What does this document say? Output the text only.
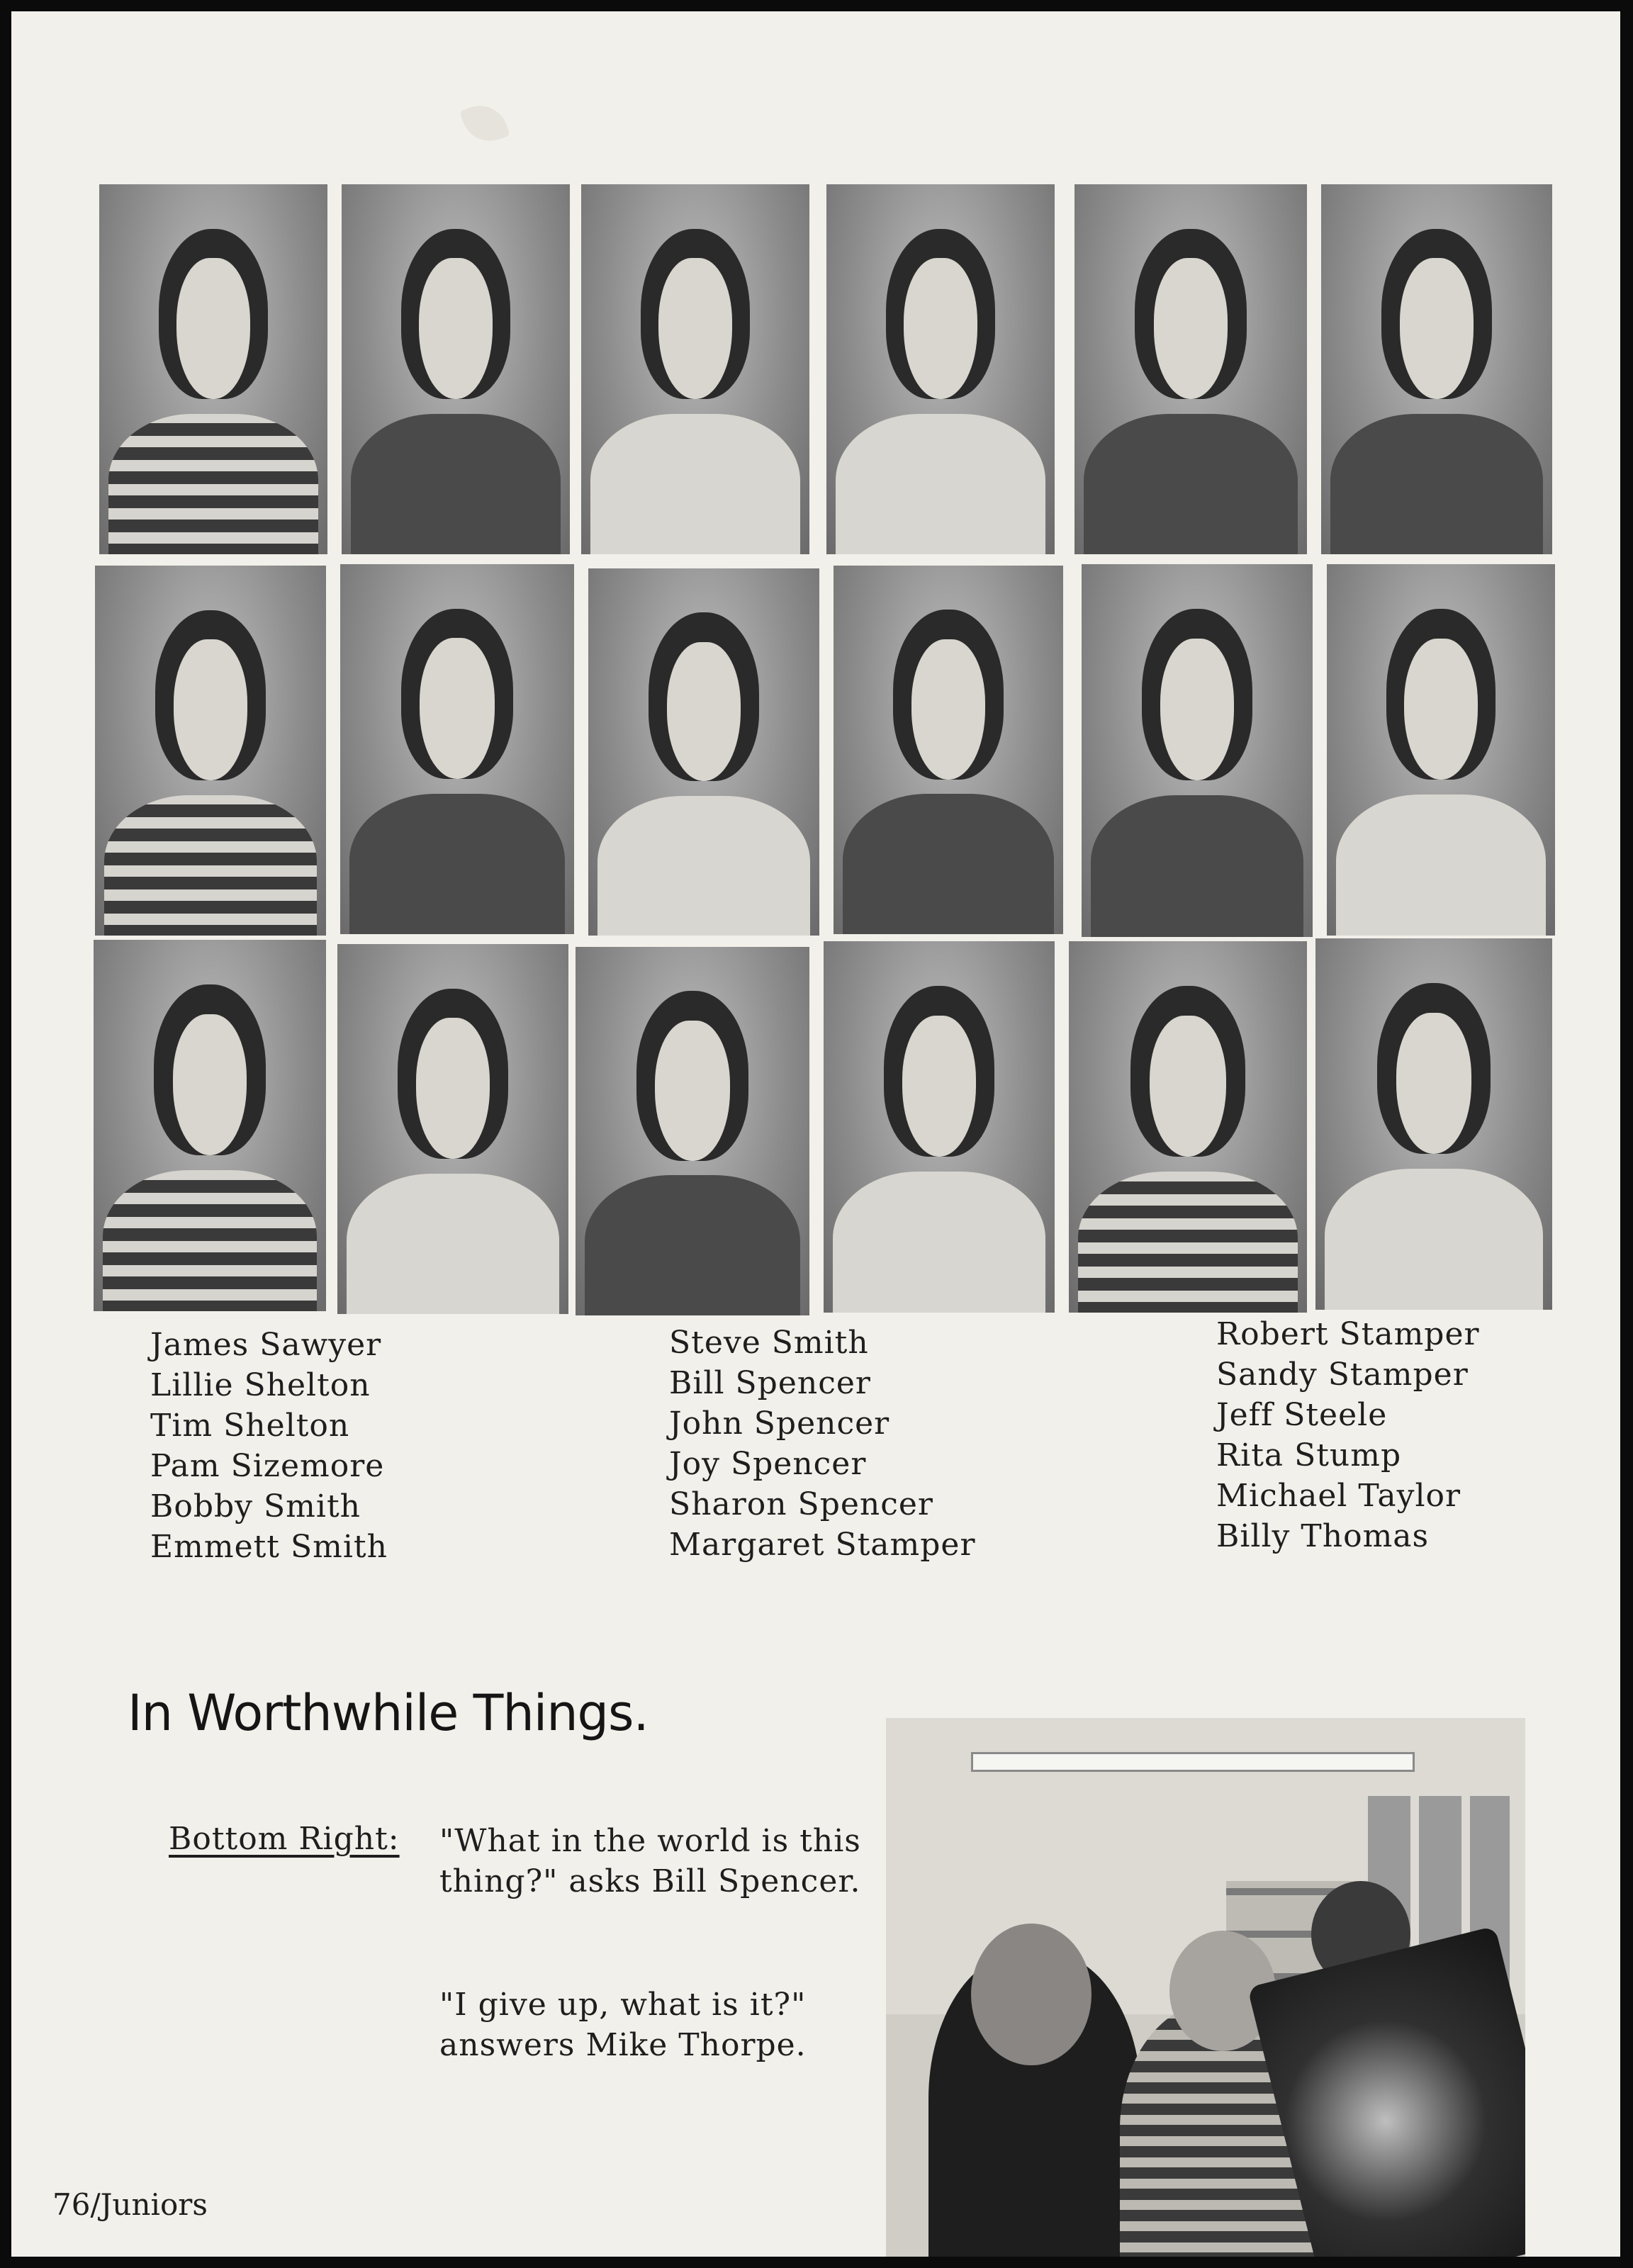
James Sawyer
Lillie Shelton
Tim Shelton
Pam Sizemore
Bobby Smith
Emmett Smith
Steve Smith
Bill Spencer
John Spencer
Joy Spencer
Sharon Spencer
Margaret Stamper
Robert Stamper
Sandy Stamper
Jeff Steele
Rita Stump
Michael Taylor
Billy Thomas
In Worthwhile Things.
Bottom Right: "What in the world is this thing?" asks Bill Spencer.
"I give up, what is it?" answers Mike Thorpe.
76/Juniors
